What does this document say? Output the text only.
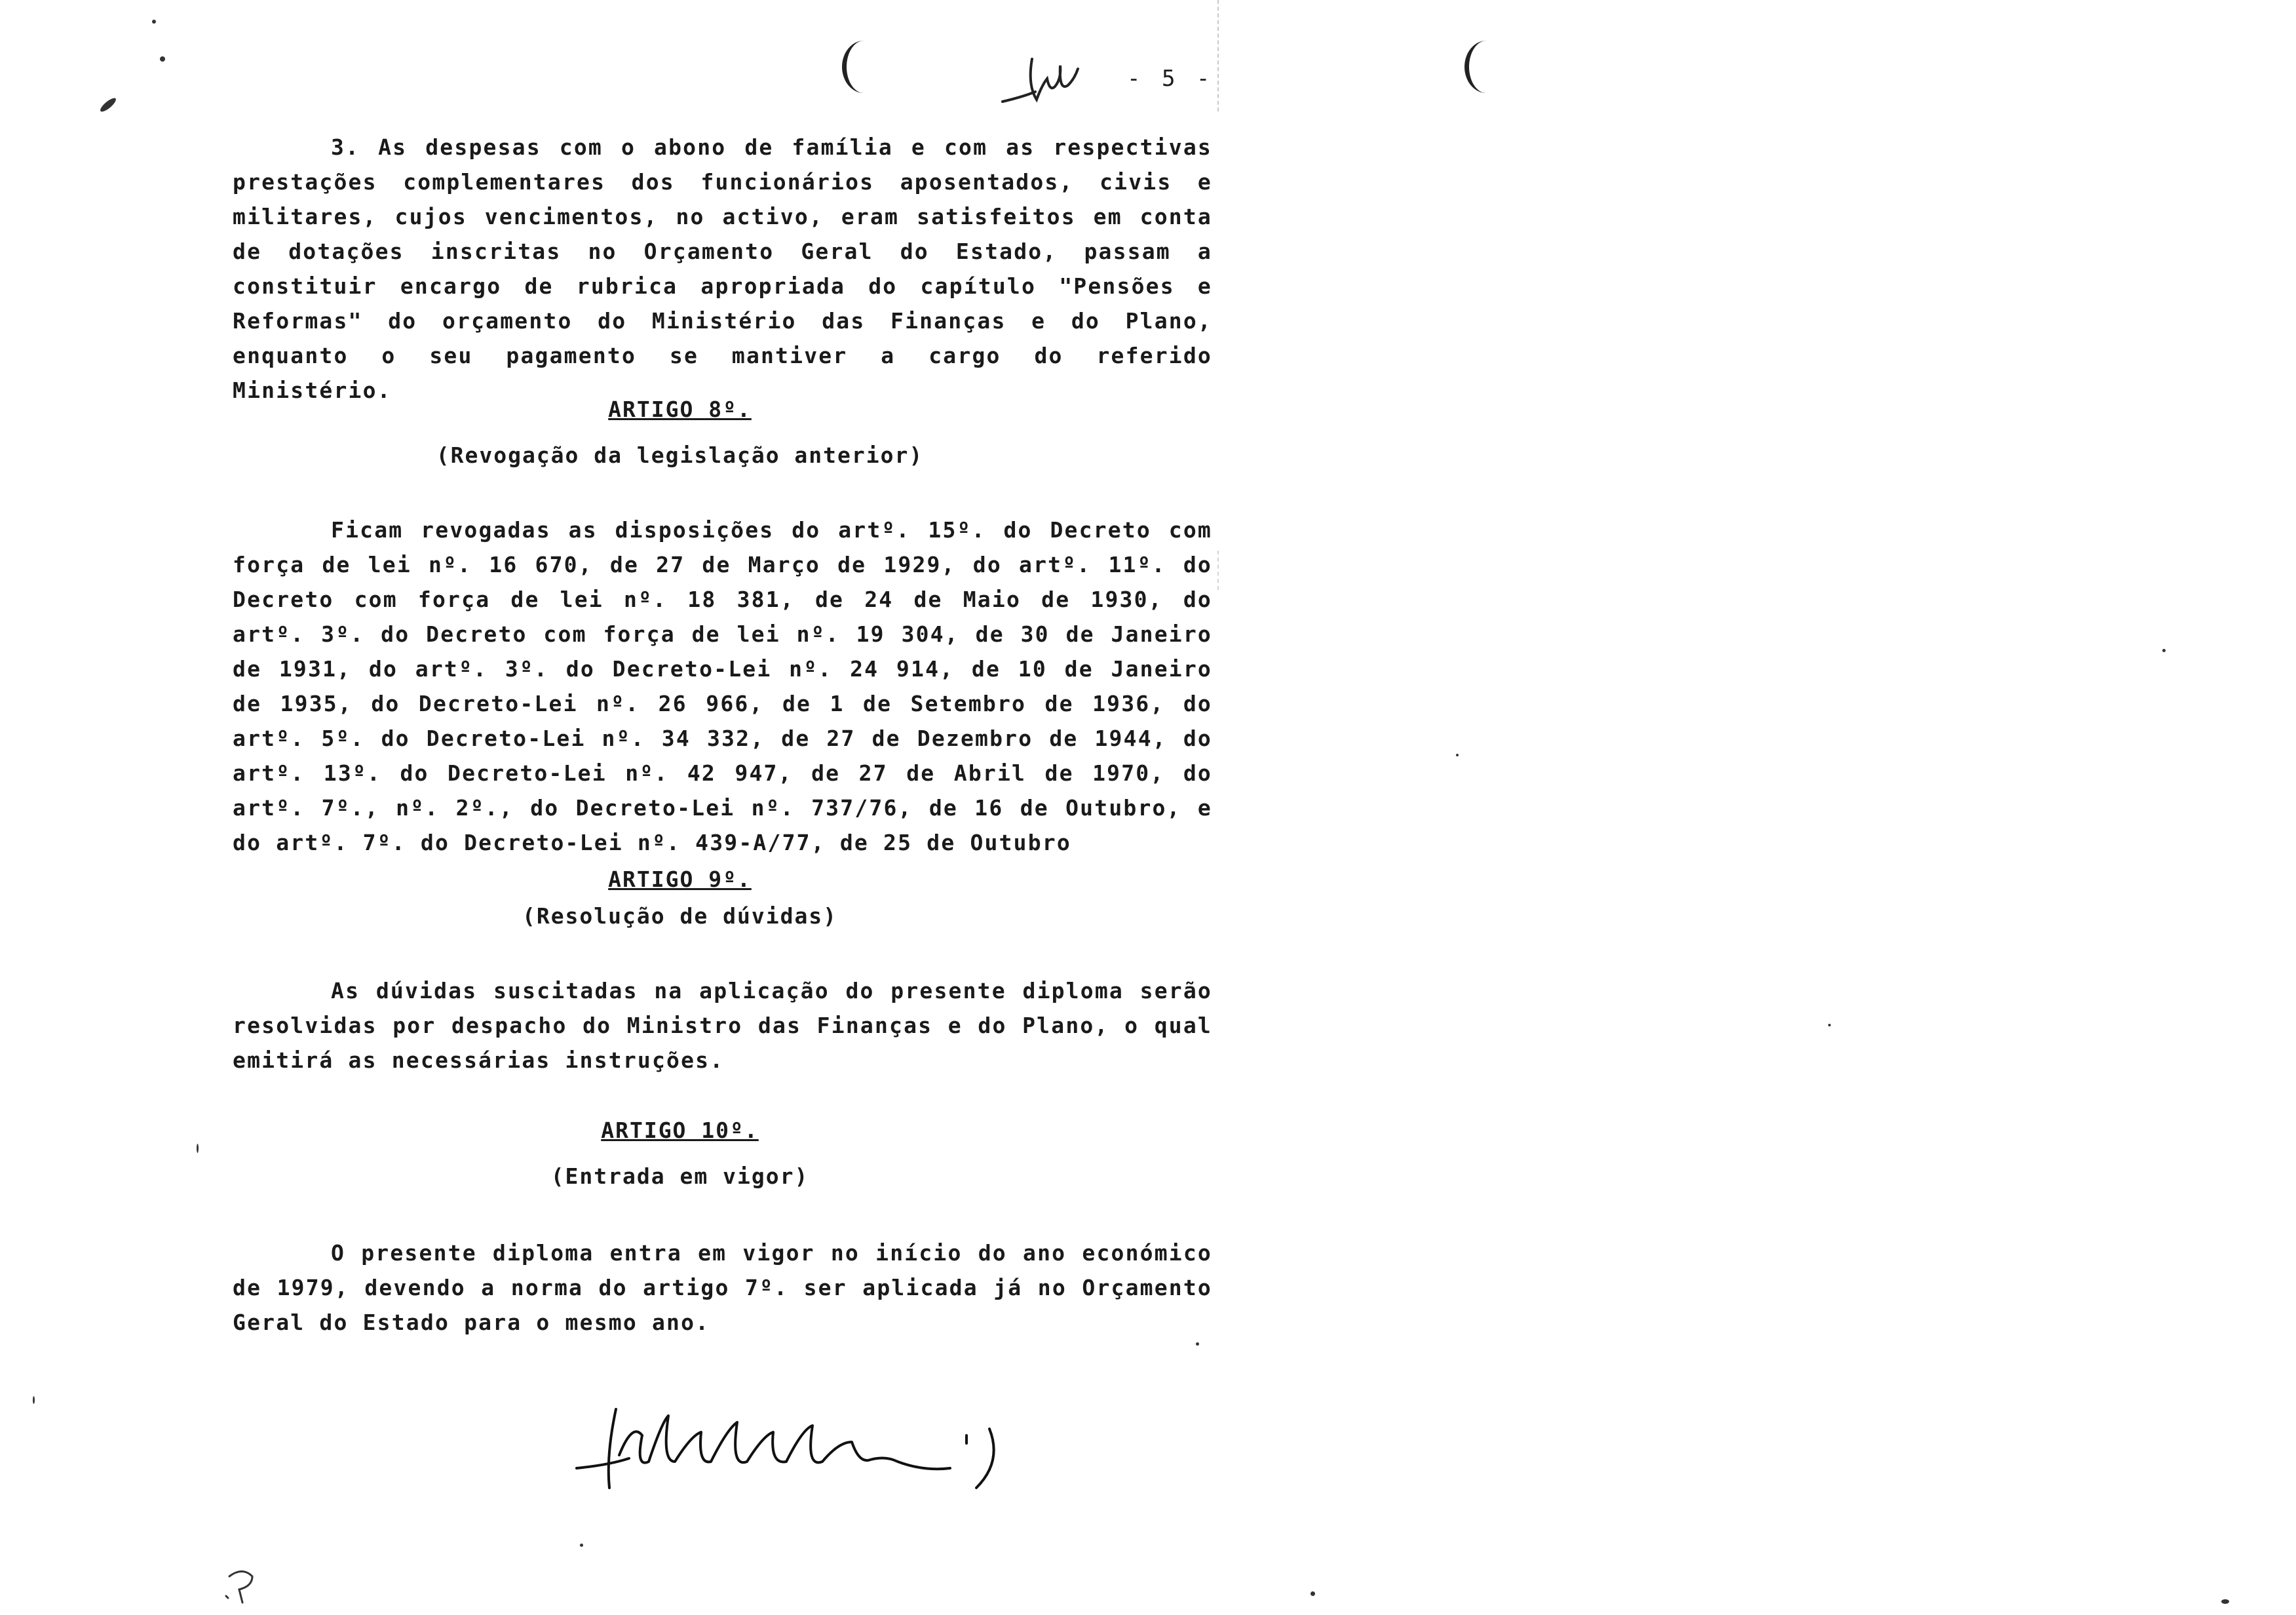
- 5 -

3. As despesas com o abono de família e com as respectivas prestações complementares dos funcionários aposentados, civis e militares, cujos vencimentos, no activo, eram satisfeitos em conta de dotações inscritas no Orçamento Geral do Estado, passam a constituir encargo de rubrica apropriada do capítulo "Pensões e Reformas" do orçamento do Ministério das Finanças e do Plano, enquanto o seu pagamento se mantiver a cargo do referido Ministério.

ARTIGO 8º.
(Revogação da legislação anterior)

Ficam revogadas as disposições do artº. 15º. do Decreto com força de lei nº. 16 670, de 27 de Março de 1929, do artº. 11º. do Decreto com força de lei nº. 18 381, de 24 de Maio de 1930, do artº. 3º. do Decreto com força de lei nº. 19 304, de 30 de Janeiro de 1931, do artº. 3º. do Decreto-Lei nº. 24 914, de 10 de Janeiro de 1935, do Decreto-Lei nº. 26 966, de 1 de Setembro de 1936, do artº. 5º. do Decreto-Lei nº. 34 332, de 27 de Dezembro de 1944, do artº. 13º. do Decreto-Lei nº. 42 947, de 27 de Abril de 1970, do artº. 7º., nº. 2º., do Decreto-Lei nº. 737/76, de 16 de Outubro, e do artº. 7º. do Decreto-Lei nº. 439-A/77, de 25 de Outubro

ARTIGO 9º.
(Resolução de dúvidas)

As dúvidas suscitadas na aplicação do presente diploma serão resolvidas por despacho do Ministro das Finanças e do Plano, o qual emitirá as necessárias instruções.

ARTIGO 10º.
(Entrada em vigor)

O presente diploma entra em vigor no início do ano económico de 1979, devendo a norma do artigo 7º. ser aplicada já no Orçamento Geral do Estado para o mesmo ano.
